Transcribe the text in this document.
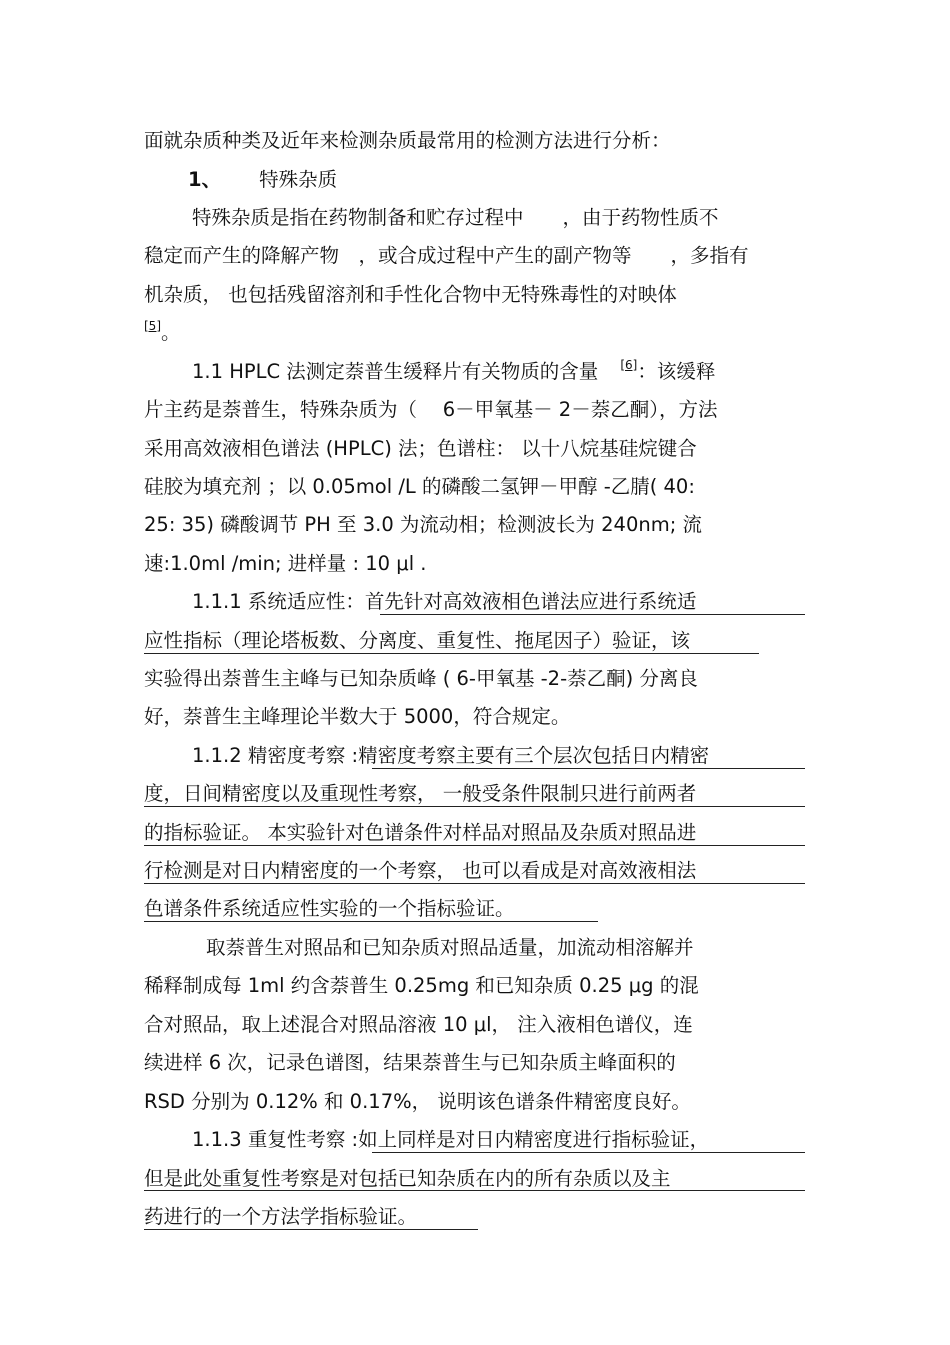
面就杂质种类及近年来检测杂质最常用的检测方法进行分析：
1、 特殊杂质
特殊杂质是指在药物制备和贮存过程中　　，由于药物性质不
稳定而产生的降解产物　，或合成过程中产生的副产物等　　，多指有
机杂质， 也包括残留溶剂和手性化合物中无特殊毒性的对映体
[5]。
1.1 HPLC 法测定萘普生缓释片有关物质的含量 [6]：该缓释
片主药是萘普生，特殊杂质为（　 6－甲氧基－ 2－萘乙酮），方法
采用高效液相色谱法 (HPLC) 法；色谱柱： 以十八烷基硅烷键合
硅胶为填充剂 ；以 0.05mol /L 的磷酸二氢钾－甲醇 -乙腈( 40:
25: 35) 磷酸调节 PH 至 3.0 为流动相；检测波长为 240nm; 流
速:1.0ml /min; 进样量 : 10 μl .
1.1.1 系统适应性：首先针对高效液相色谱法应进行系统适
应性指标（理论塔板数、分离度、重复性、拖尾因子）验证，该
实验得出萘普生主峰与已知杂质峰 ( 6-甲氧基 -2-萘乙酮) 分离良
好，萘普生主峰理论半数大于 5000，符合规定。
1.1.2 精密度考察 :精密度考察主要有三个层次包括日内精密
度，日间精密度以及重现性考察， 一般受条件限制只进行前两者
的指标验证。 本实验针对色谱条件对样品对照品及杂质对照品进
行检测是对日内精密度的一个考察， 也可以看成是对高效液相法
色谱条件系统适应性实验的一个指标验证。
取萘普生对照品和已知杂质对照品适量，加流动相溶解并
稀释制成每 1ml 约含萘普生 0.25mg 和已知杂质 0.25 μg 的混
合对照品，取上述混合对照品溶液 10 μl， 注入液相色谱仪，连
续进样 6 次，记录色谱图，结果萘普生与已知杂质主峰面积的
RSD 分别为 0.12% 和 0.17%， 说明该色谱条件精密度良好。
1.1.3 重复性考察 :如上同样是对日内精密度进行指标验证，
但是此处重复性考察是对包括已知杂质在内的所有杂质以及主
药进行的一个方法学指标验证。
